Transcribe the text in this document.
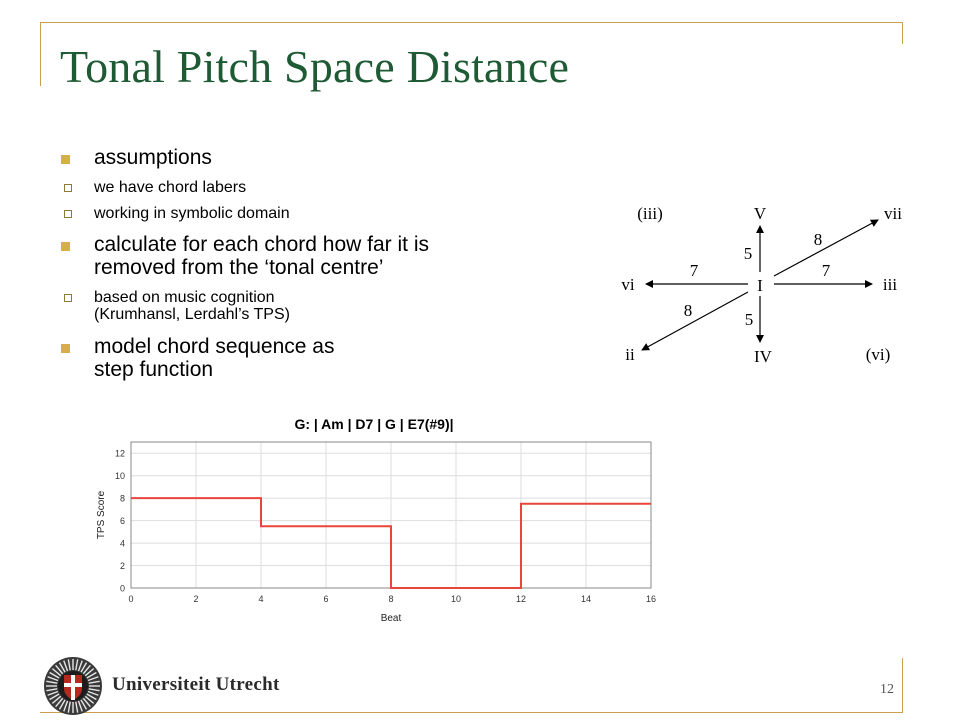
Tonal Pitch Space Distance
assumptions
we have chord labers
working in symbolic domain
calculate for each chord how far it is
removed from the ‘tonal centre’
based on music cognition
(Krumhansl, Lerdahl’s TPS)
model chord sequence as
step function
I
V
IV
vi	iii
vii
ii
(iii)
(vi)
5
5
7	7
8
8
G: | Am | D7 | G | E7(#9)|
0
2
4
6
8
10
12
0	2	4	6	8	10	12	14	16
Beat
TPS Score
Universiteit Utrecht	12
